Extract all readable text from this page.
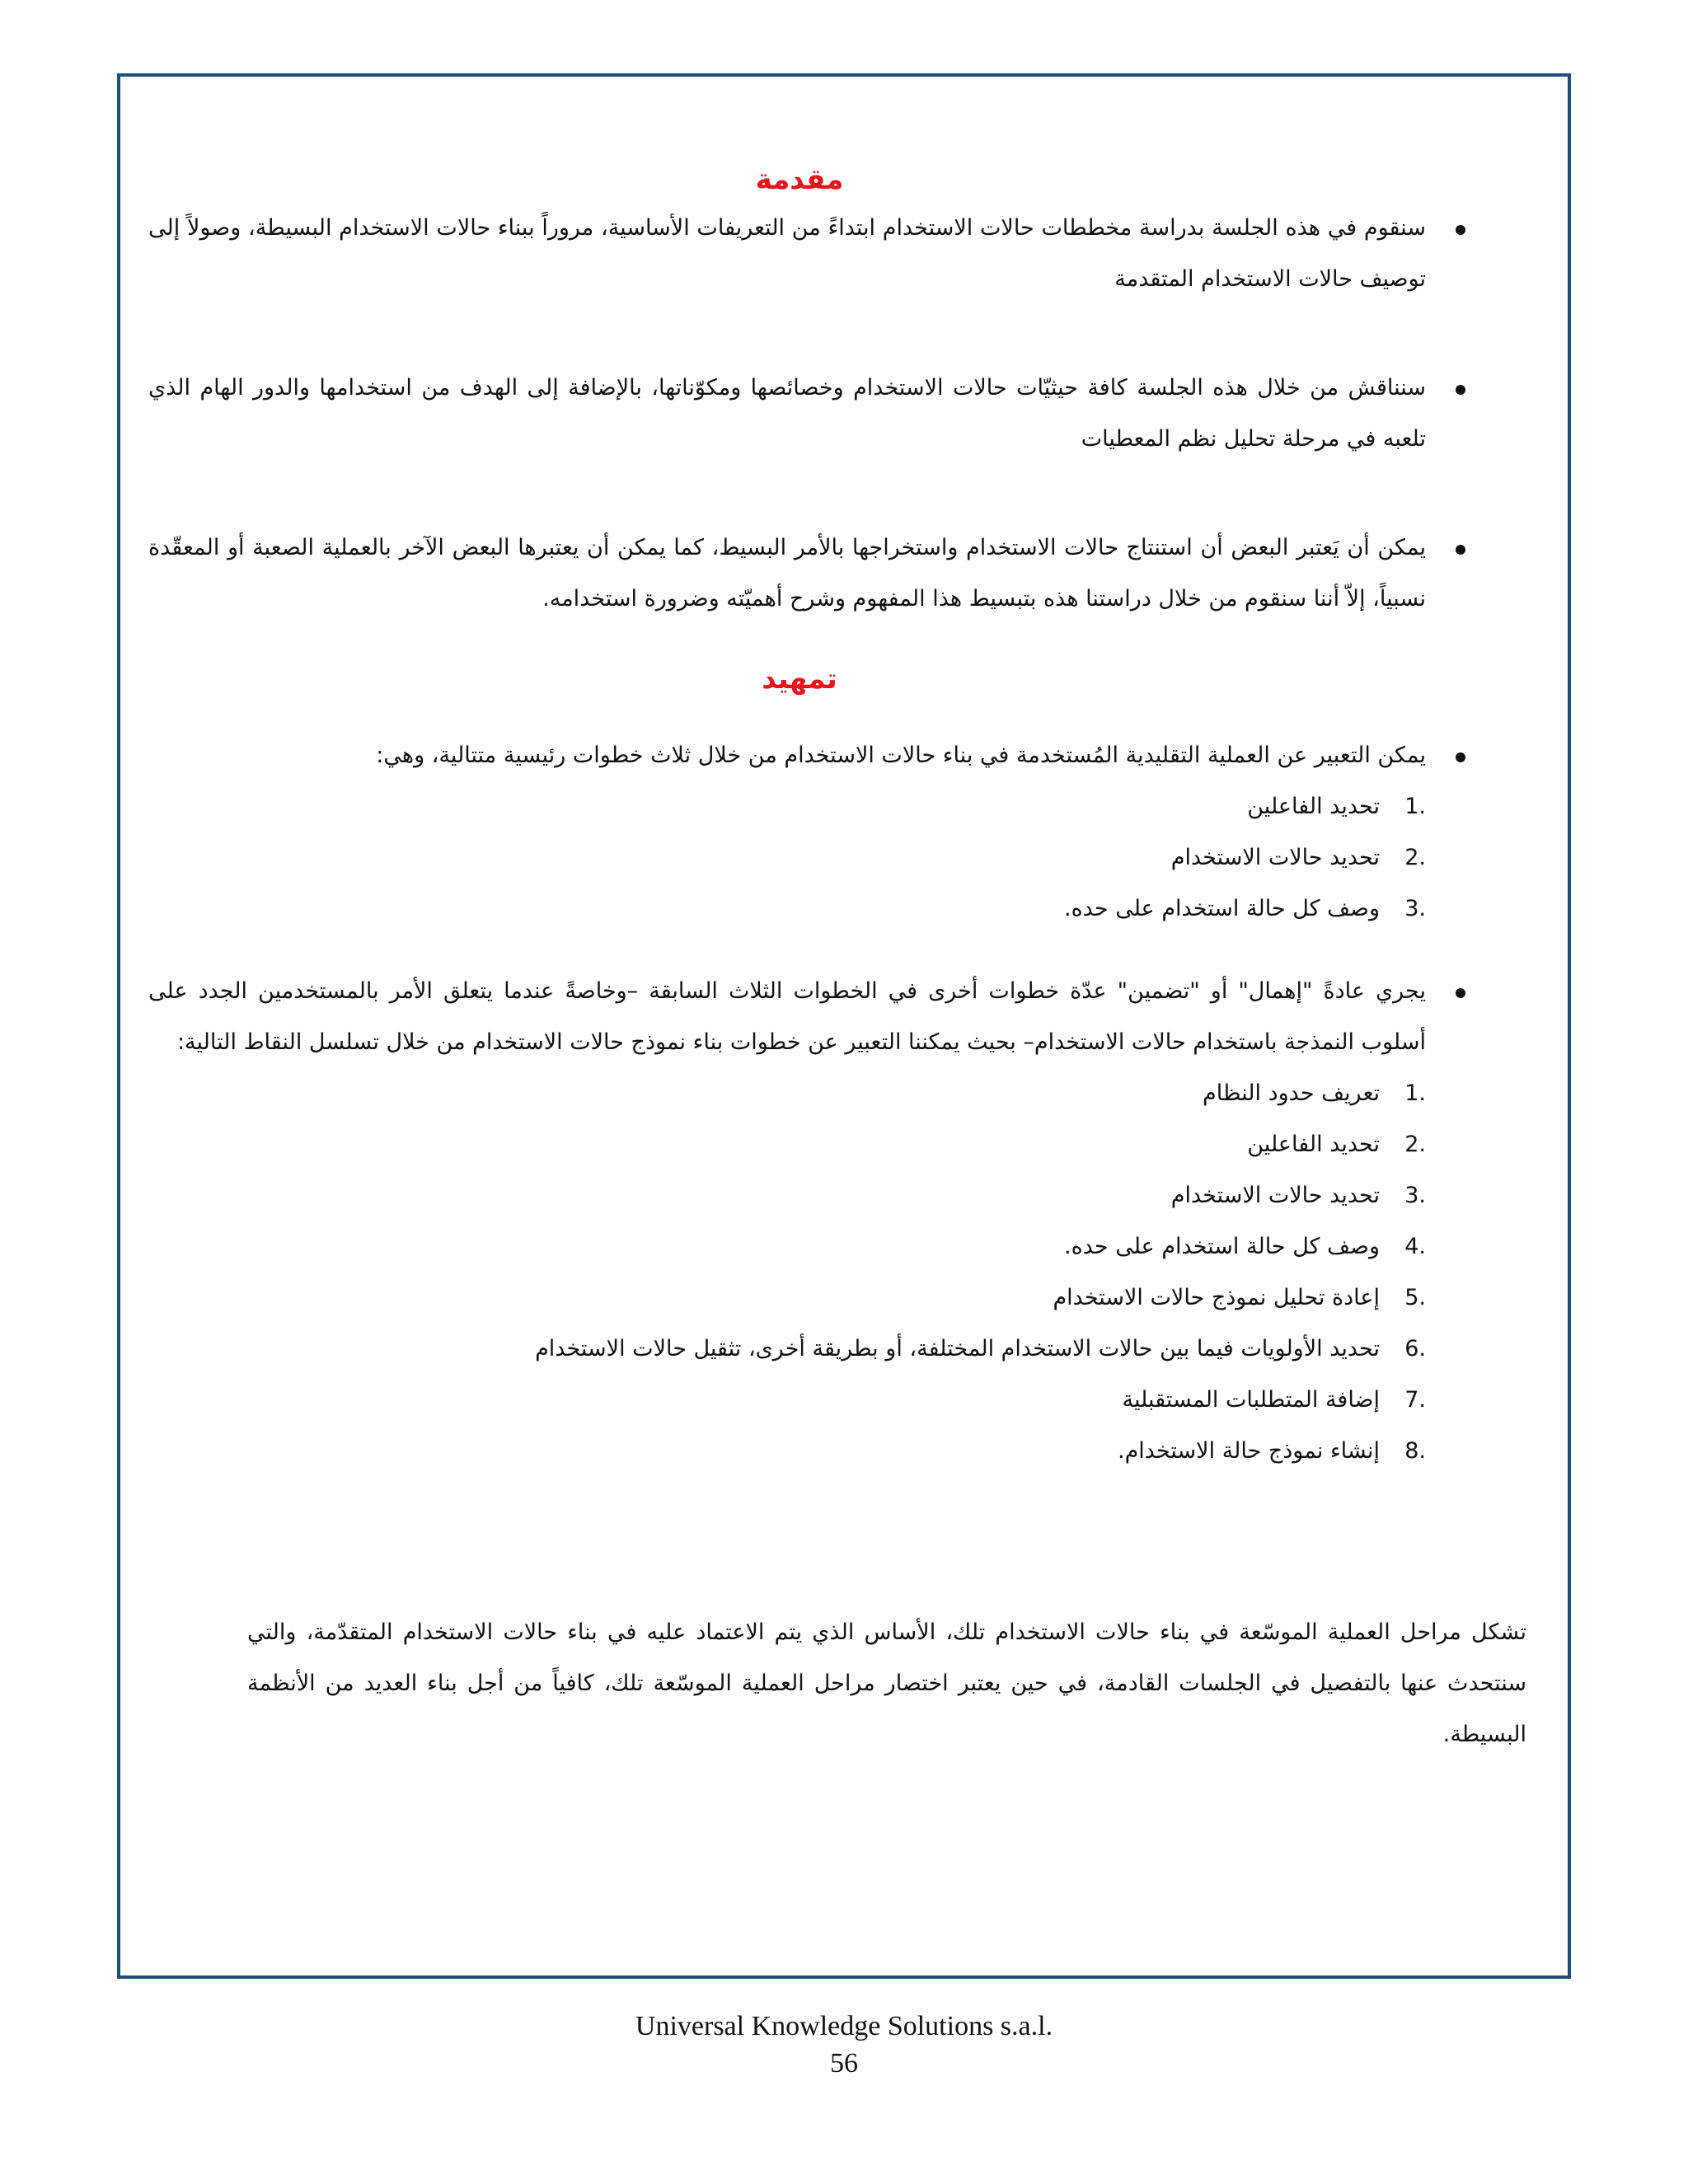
مقدمة
سنقوم في هذه الجلسة بدراسة مخططات حالات الاستخدام ابتداءً من التعريفات الأساسية، مروراً ببناء حالات الاستخدام البسيطة، وصولاً إلى توصيف حالات الاستخدام المتقدمة
سنناقش من خلال هذه الجلسة كافة حيثيّات حالات الاستخدام وخصائصها ومكوّناتها، بالإضافة إلى الهدف من استخدامها والدور الهام الذي تلعبه في مرحلة تحليل نظم المعطيات
يمكن أن يَعتبر البعض أن استنتاج حالات الاستخدام واستخراجها بالأمر البسيط، كما يمكن أن يعتبرها البعض الآخر بالعملية الصعبة أو المعقّدة نسبياً، إلاّ أننا سنقوم من خلال دراستنا هذه بتبسيط هذا المفهوم وشرح أهميّته وضرورة استخدامه.
تمهيد
يمكن التعبير عن العملية التقليدية المُستخدمة في بناء حالات الاستخدام من خلال ثلاث خطوات رئيسية متتالية، وهي:
1.
تحديد الفاعلين
2.
تحديد حالات الاستخدام
3.
وصف كل حالة استخدام على حده.
يجري عادةً "إهمال" أو "تضمين" عدّة خطوات أخرى في الخطوات الثلاث السابقة –وخاصةً عندما يتعلق الأمر بالمستخدمين الجدد على أسلوب النمذجة باستخدام حالات الاستخدام– بحيث يمكننا التعبير عن خطوات بناء نموذج حالات الاستخدام من خلال تسلسل النقاط التالية:
1.
تعريف حدود النظام
2.
تحديد الفاعلين
3.
تحديد حالات الاستخدام
4.
وصف كل حالة استخدام على حده.
5.
إعادة تحليل نموذج حالات الاستخدام
6.
تحديد الأولويات فيما بين حالات الاستخدام المختلفة، أو بطريقة أخرى، تثقيل حالات الاستخدام
7.
إضافة المتطلبات المستقبلية
8.
إنشاء نموذج حالة الاستخدام.

تشكل مراحل العملية الموسّعة في بناء حالات الاستخدام تلك، الأساس الذي يتم الاعتماد عليه في بناء حالات الاستخدام المتقدّمة، والتي سنتحدث عنها بالتفصيل في الجلسات القادمة، في حين يعتبر اختصار مراحل العملية الموسّعة تلك، كافياً من أجل بناء العديد من الأنظمة البسيطة.

Universal Knowledge Solutions s.a.l.
56
